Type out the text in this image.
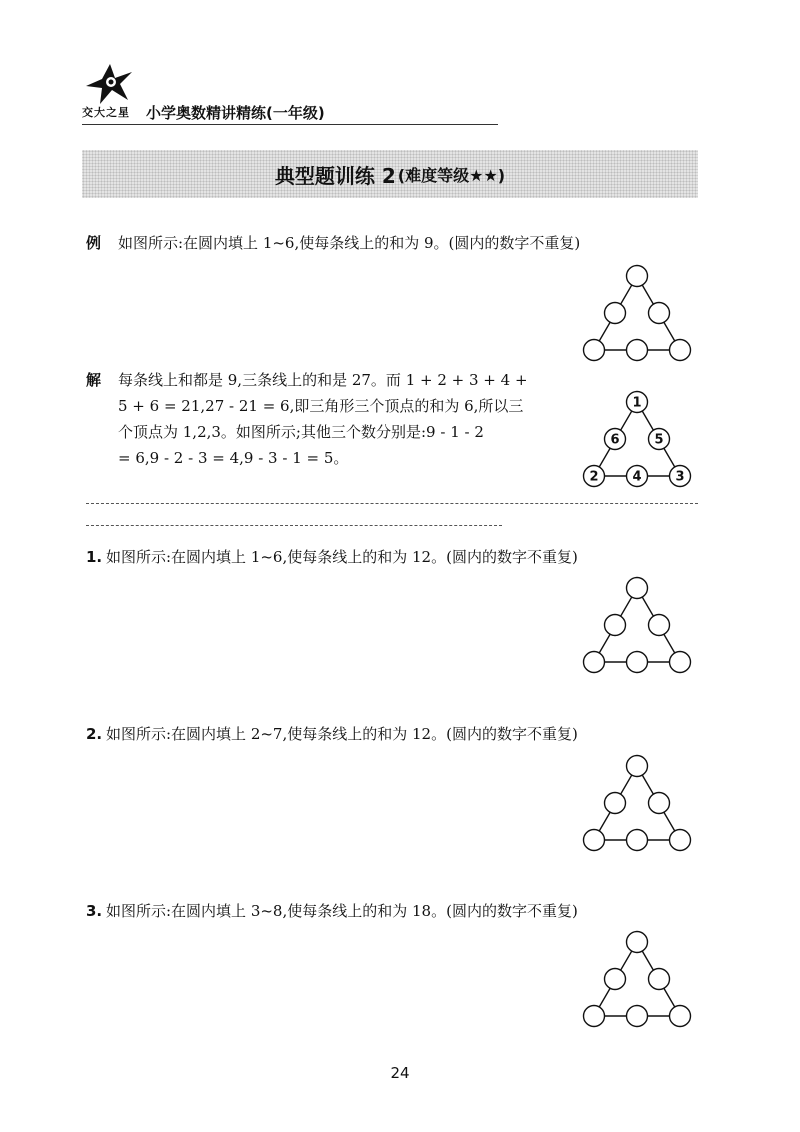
交大之星 小学奥数精讲精练(一年级)
典型题训练 2 (难度等级★★)
例 如图所示:在圆内填上 1~6,使每条线上的和为 9。(圆内的数字不重复)
解 每条线上和都是 9,三条线上的和是 27。而 1 + 2 + 3 + 4 +
5 + 6 = 21,27 - 21 = 6,即三角形三个顶点的和为 6,所以三
个顶点为 1,2,3。如图所示;其他三个数分别是:9 - 1 - 2
= 6,9 - 2 - 3 = 4,9 - 3 - 1 = 5。
1
6	5
2	4	3
1. 如图所示:在圆内填上 1~6,使每条线上的和为 12。(圆内的数字不重复)
2. 如图所示:在圆内填上 2~7,使每条线上的和为 12。(圆内的数字不重复)
3. 如图所示:在圆内填上 3~8,使每条线上的和为 18。(圆内的数字不重复)
24
